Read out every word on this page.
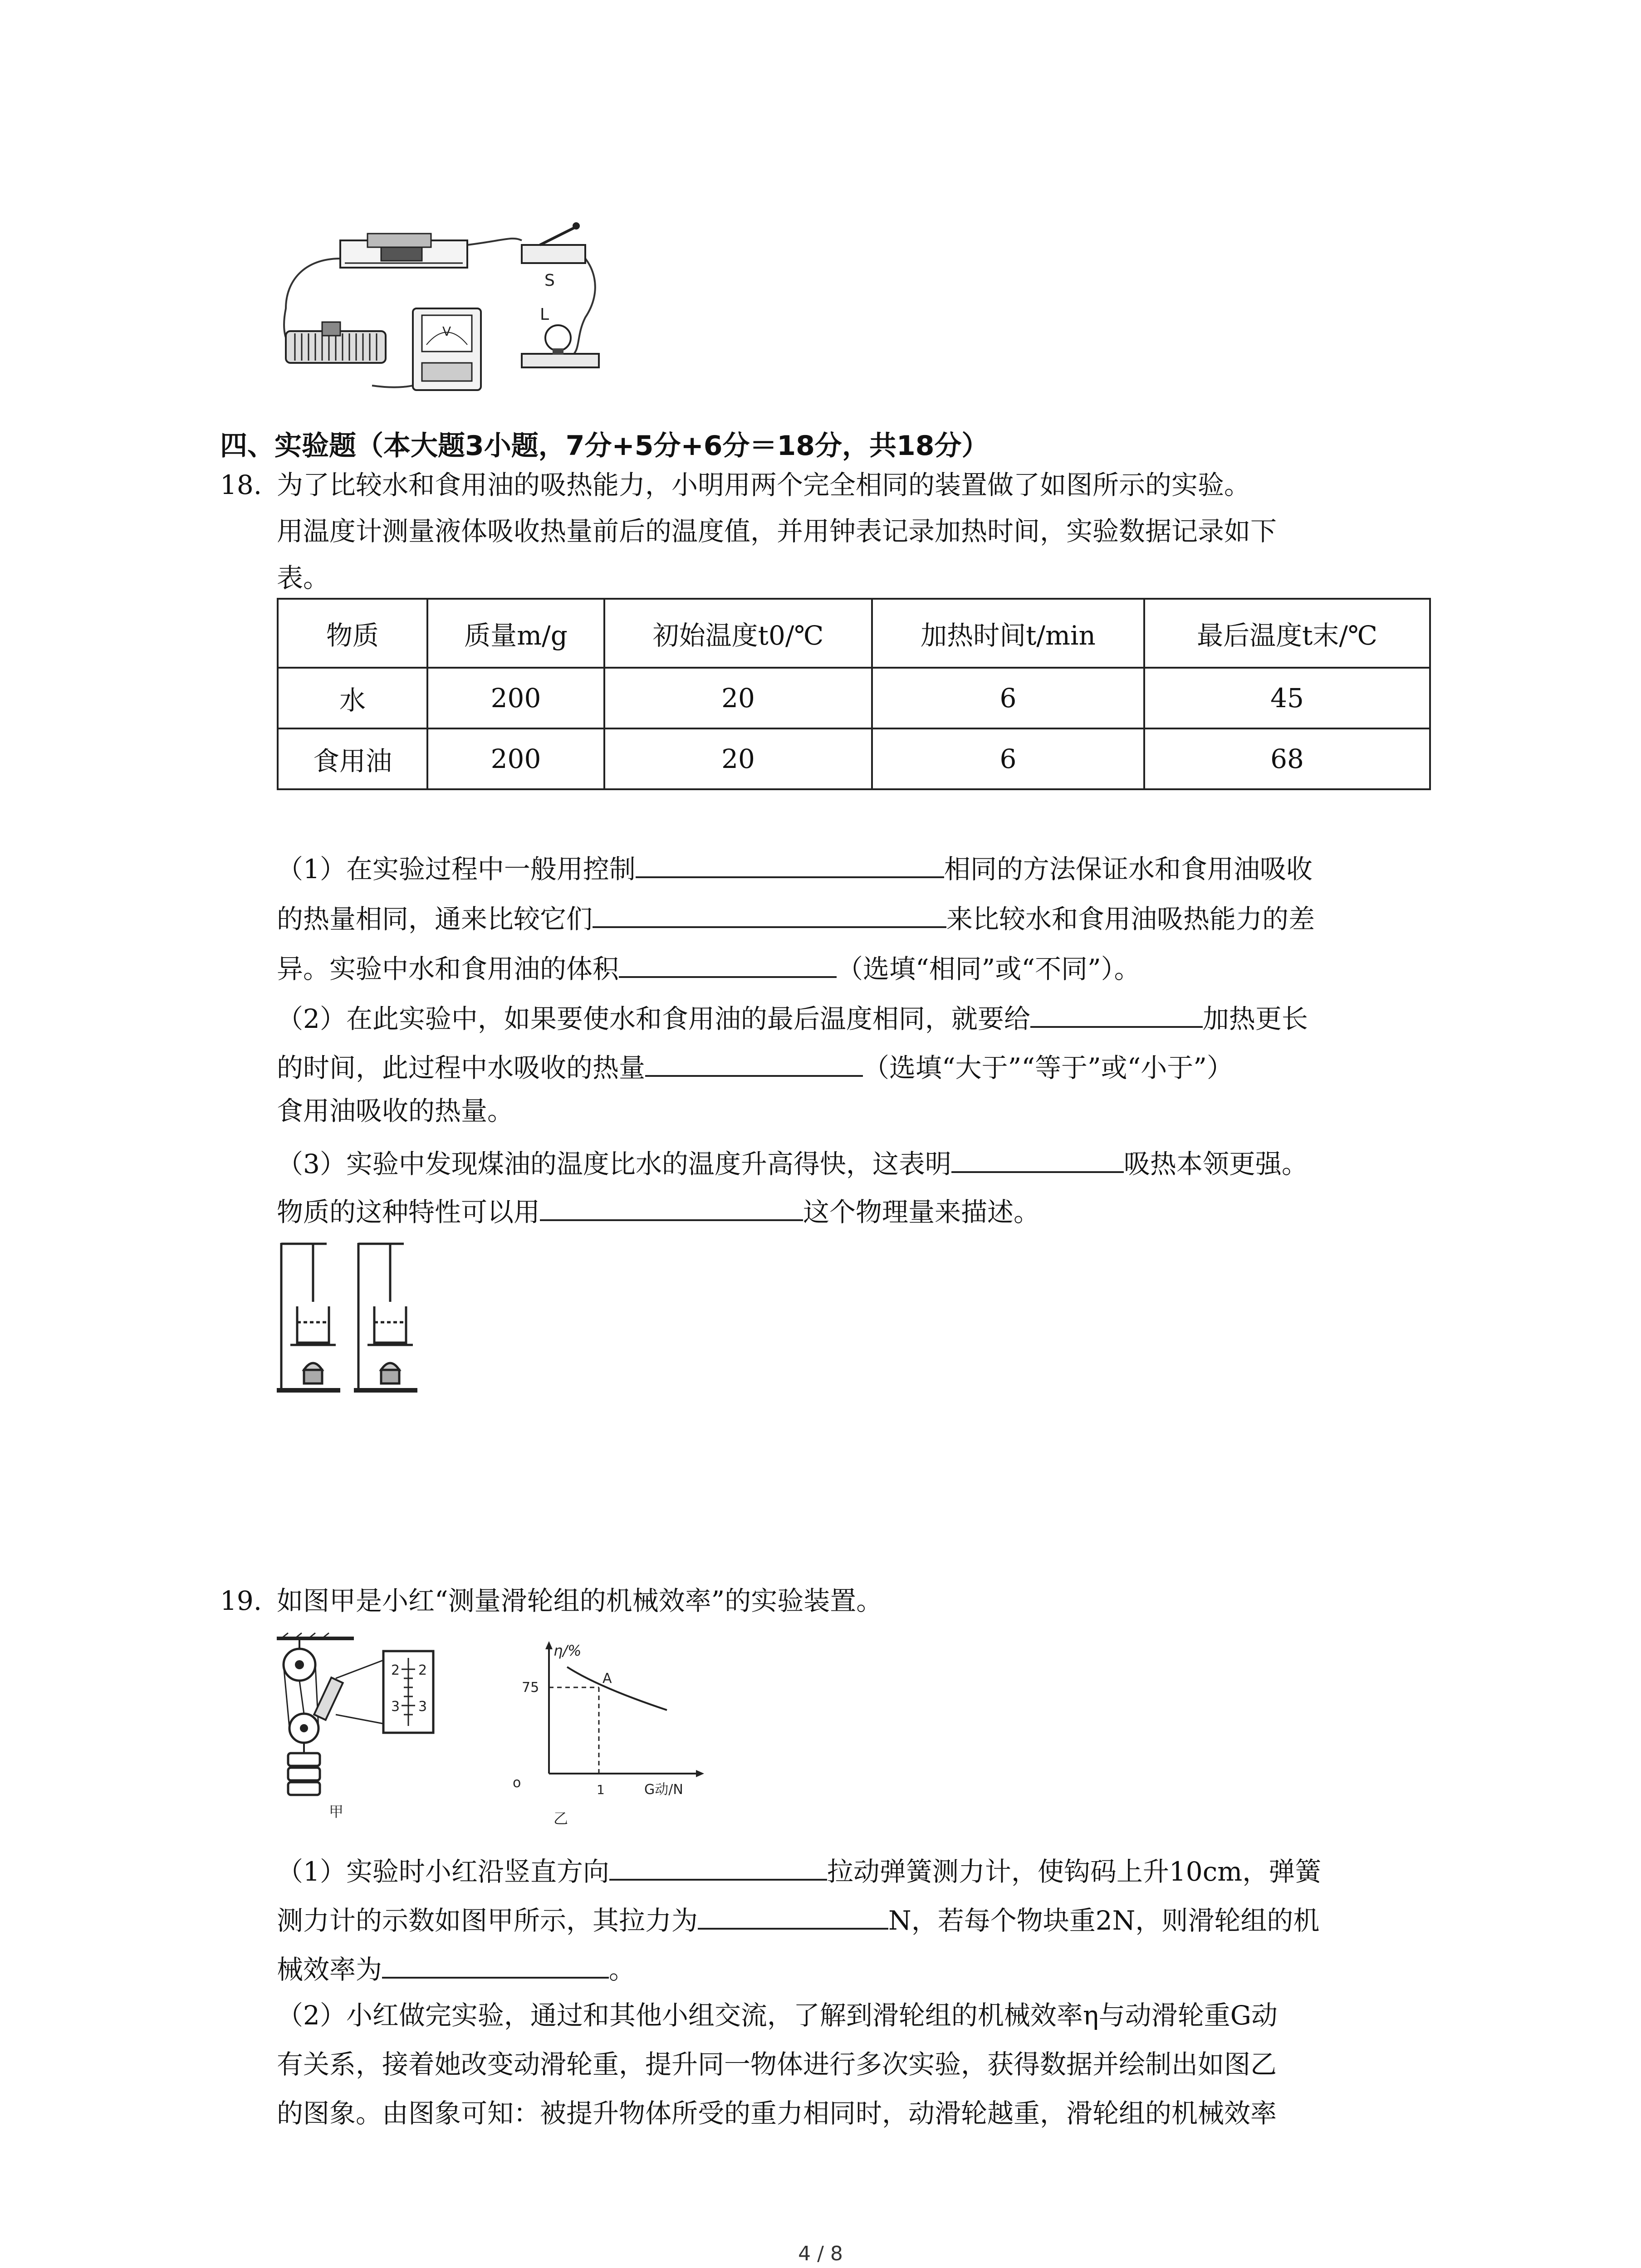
S
L
V
四、实验题（本大题3小题，7分+5分+6分＝18分，共18分）
18. 为了比较水和食用油的吸热能力，小明用两个完全相同的装置做了如图所示的实验。
用温度计测量液体吸收热量前后的温度值，并用钟表记录加热时间，实验数据记录如下
表。
物质	质量m/g	初始温度t0/℃	加热时间t/min	最后温度t末/℃
水	200	20	6	45
食用油	200	20	6	68
（1）在实验过程中一般用控制	相同的方法保证水和食用油吸收
的热量相同，通来比较它们	来比较水和食用油吸热能力的差
异。实验中水和食用油的体积	（选填“相同”或“不同”）。
（2）在此实验中，如果要使水和食用油的最后温度相同，就要给	加热更长
的时间，此过程中水吸收的热量	（选填“大于”“等于”或“小于”）
食用油吸收的热量。
（3）实验中发现煤油的温度比水的温度升高得快，这表明	吸热本领更强。
物质的这种特性可以用	这个物理量来描述。
19. 如图甲是小红“测量滑轮组的机械效率”的实验装置。
2 2
3 3
甲
η/%
75
o	1	G动/N
A
乙
（1）实验时小红沿竖直方向	拉动弹簧测力计，使钩码上升10cm，弹簧
测力计的示数如图甲所示，其拉力为	N，若每个物块重2N，则滑轮组的机
械效率为	。
（2）小红做完实验，通过和其他小组交流，了解到滑轮组的机械效率η与动滑轮重G动
有关系，接着她改变动滑轮重，提升同一物体进行多次实验，获得数据并绘制出如图乙
的图象。由图象可知：被提升物体所受的重力相同时，动滑轮越重，滑轮组的机械效率
4 / 8
